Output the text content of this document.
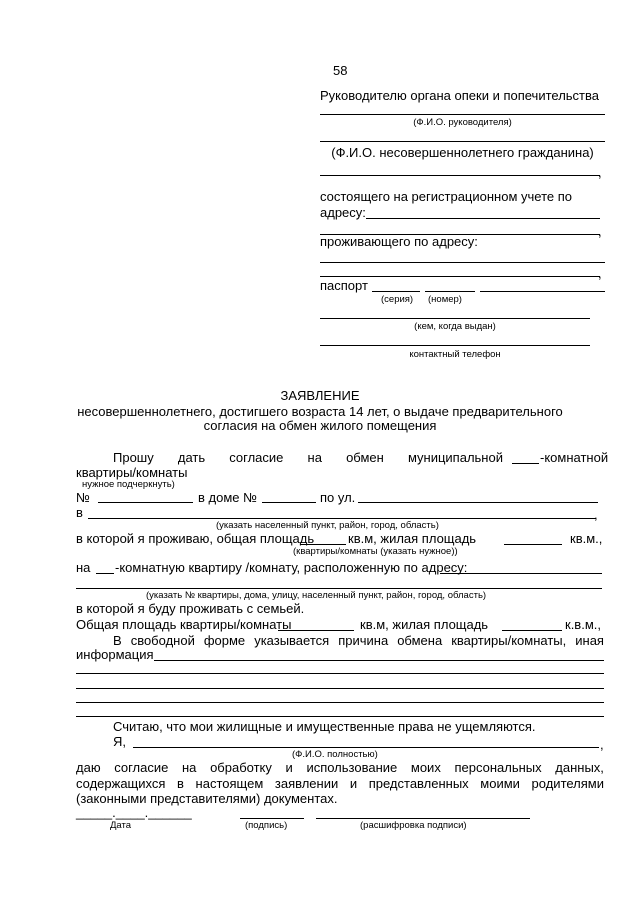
58
Руководителю органа опеки и попечительства
(Ф.И.О. руководителя)
(Ф.И.О. несовершеннолетнего гражданина)
,
состоящего на регистрационном учете по
адресу:
,
проживающего по адресу:
,
паспорт
(серия) (номер)
(кем, когда выдан)
контактный телефон
ЗАЯВЛЕНИЕ
несовершеннолетнего, достигшего возраста 14 лет, о выдаче предварительного
согласия на обмен жилого помещения
Прошу дать согласие на обмен муниципальной	-комнатной
квартиры/комнаты
нужное подчеркнуть)
№	в доме №	по ул.
в	,
(указать населенный пункт, район, город, область)
в которой я проживаю, общая площадь	кв.м, жилая площадь	кв.м.,
(квартиры/комнаты (указать нужное))
на -комнатную квартиру /комнату, расположенную по адресу:
(указать № квартиры, дома, улицу, населенный пункт, район, город, область)
в которой я буду проживать с семьей.
Общая площадь квартиры/комнаты	кв.м, жилая площадь	к.в.м.,
В свободной форме указывается причина обмена квартиры/комнаты, иная
информация
Считаю, что мои жилищные и имущественные права не ущемляются.
Я,	,
(Ф.И.О. полностью)
даю согласие на обработку и использование моих персональных данных,
содержащихся в настоящем заявлении и представленных моими родителями
(законными представителями) документах.
_____.____.______
Дата	(подпись)	(расшифровка подписи)
